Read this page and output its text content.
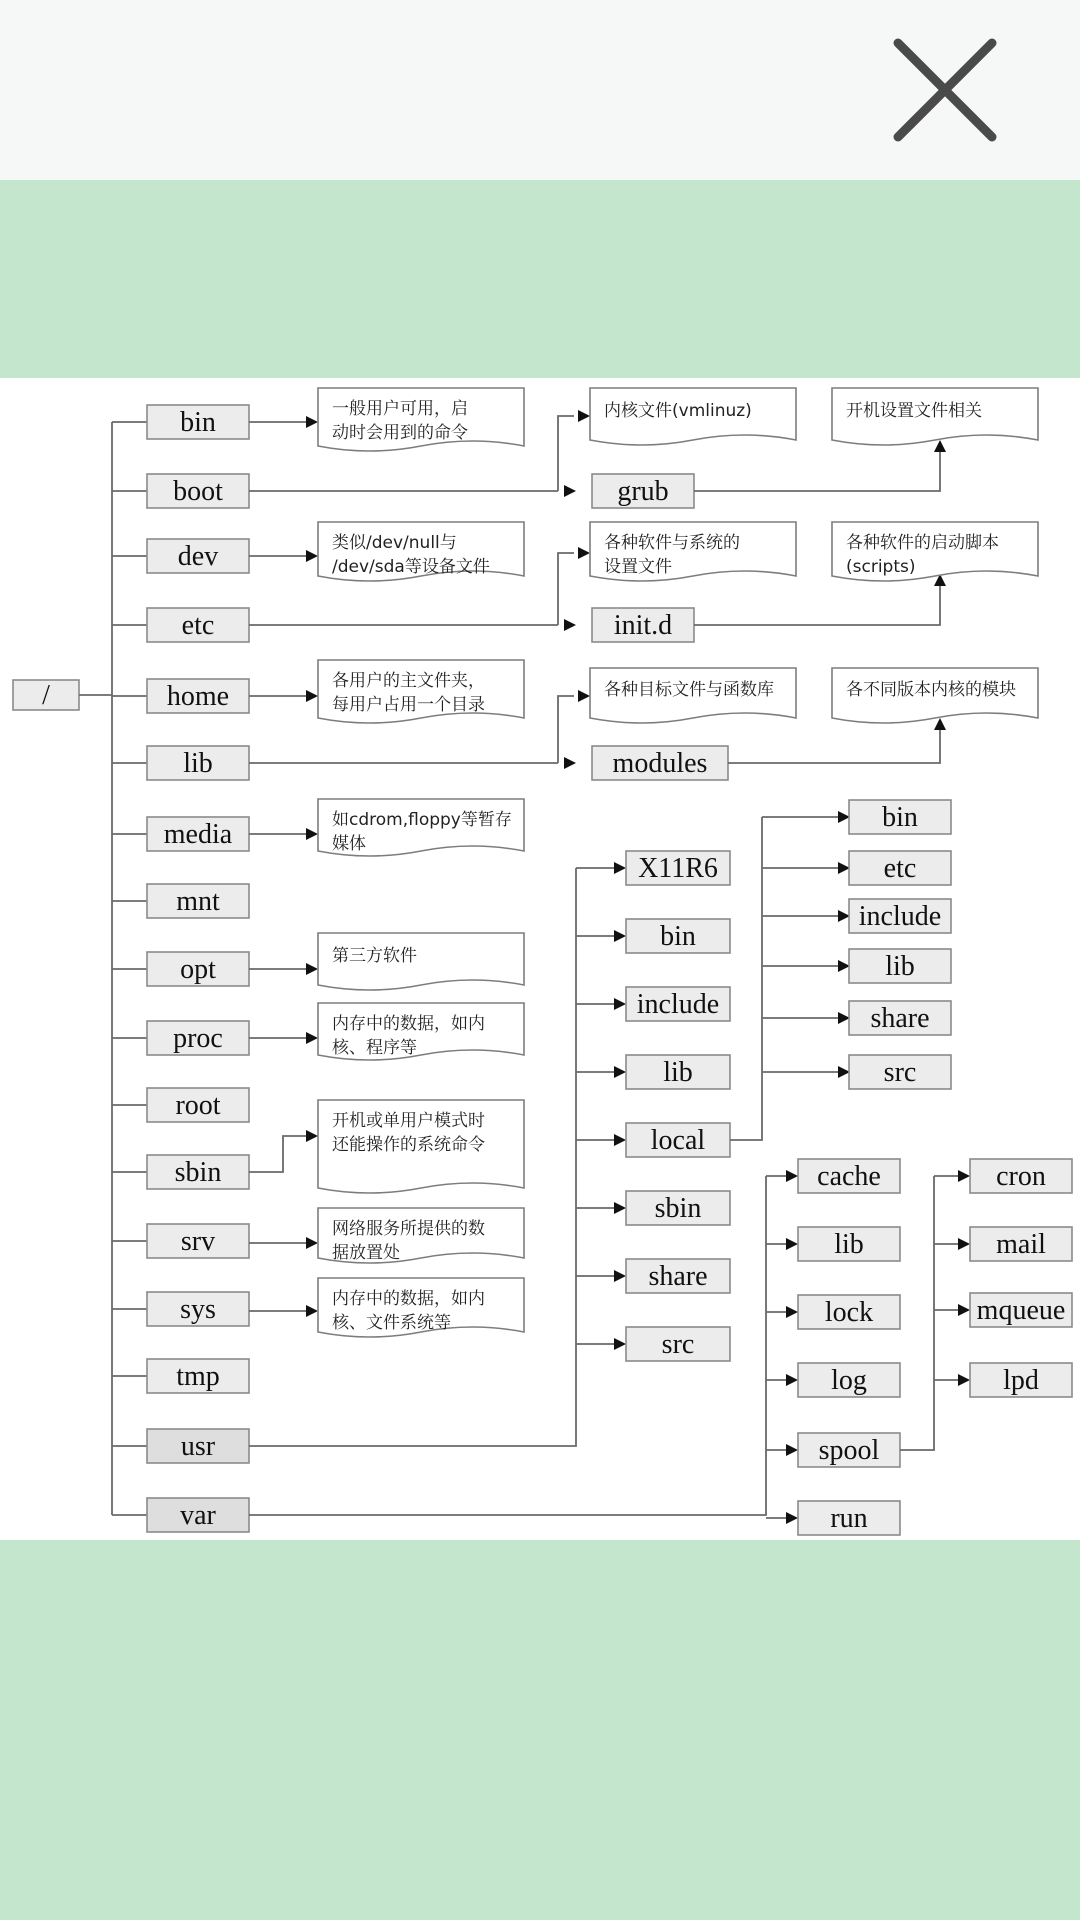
/
bin
boot
dev
etc
home
lib
media
mnt
opt
proc
root
sbin
srv
sys
tmp
usr
var
一般用户可用，启
动时会用到的命令
类似/dev/null与
/dev/sda等设备文件
各用户的主文件夹，
每用户占用一个目录
如cdrom,floppy等暂存
媒体
第三方软件
内存中的数据，如内
核、程序等
开机或单用户模式时
还能操作的系统命令
网络服务所提供的数
据放置处
内存中的数据，如内
核、文件系统等
内核文件(vmlinuz)
grub
开机设置文件相关
各种软件与系统的
设置文件
init.d
各种软件的启动脚本
(scripts)
各种目标文件与函数库
modules
各不同版本内核的模块
X11R6
bin
include
lib
local
sbin
share
src
bin
etc
include
lib
share
src
cache
lib
lock
log
spool
run
cron
mail
mqueue
lpd
